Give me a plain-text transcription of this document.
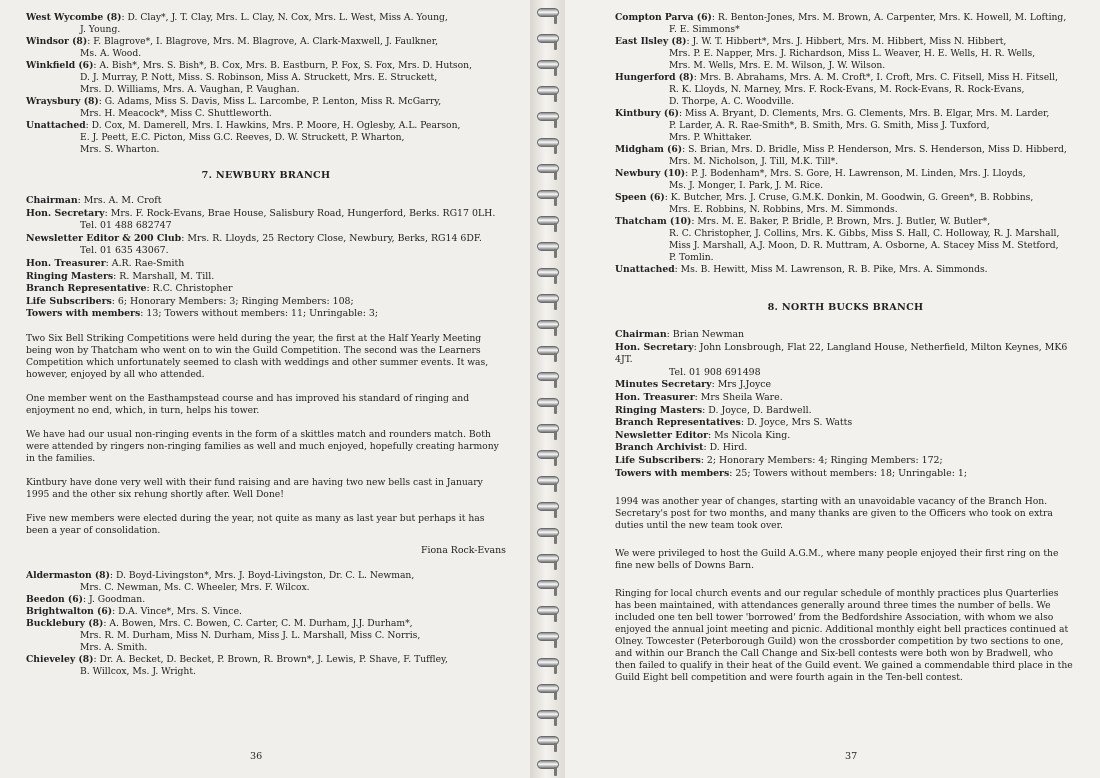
West Wycombe (8): D. Clay*, J. T. Clay, Mrs. L. Clay, N. Cox, Mrs. L. West, Miss A. Young,
J. Young.

Windsor (8): F. Blagrove*, I. Blagrove, Mrs. M. Blagrove, A. Clark-Maxwell, J. Faulkner,
Ms. A. Wood.

Winkfield (6): A. Bish*, Mrs. S. Bish*, B. Cox, Mrs. B. Eastburn, P. Fox, S. Fox, Mrs. D. Hutson,
D. J. Murray, P. Nott, Miss. S. Robinson, Miss A. Struckett, Mrs. E. Struckett,
Mrs. D. Williams, Mrs. A. Vaughan, P. Vaughan.

Wraysbury (8): G. Adams, Miss S. Davis, Miss L. Larcombe, P. Lenton, Miss R. McGarry,
Mrs. H. Meacock*, Miss C. Shuttleworth.

Unattached: D. Cox, M. Damerell, Mrs. I. Hawkins, Mrs. P. Moore, H. Oglesby, A.L. Pearson,
E. J. Peett, E.C. Picton, Miss G.C. Reeves, D. W. Struckett, P. Wharton,
Mrs. S. Wharton.

7. NEWBURY BRANCH

Chairman: Mrs. A. M. Croft

Hon. Secretary: Mrs. F. Rock-Evans, Brae House, Salisbury Road, Hungerford, Berks. RG17 0LH.
Tel. 01 488 682747

Newsletter Editor & 200 Club: Mrs. R. Lloyds, 25 Rectory Close, Newbury, Berks, RG14 6DF.
Tel. 01 635 43067.

Hon. Treasurer: A.R. Rae-Smith

Ringing Masters: R. Marshall, M. Till.

Branch Representative: R.C. Christopher

Life Subscribers: 6; Honorary Members: 3; Ringing Members: 108;

Towers with members: 13; Towers without members: 11; Unringable: 3;

Two Six Bell Striking Competitions were held during the year, the first at the Half Yearly Meeting being won by Thatcham who went on to win the Guild Competition. The second was the Learners Competition which unfortunately seemed to clash with weddings and other summer events. It was, however, enjoyed by all who attended.

One member went on the Easthampstead course and has improved his standard of ringing and enjoyment no end, which, in turn, helps his tower.

We have had our usual non-ringing events in the form of a skittles match and rounders match. Both were attended by ringers non-ringing families as well and much enjoyed, hopefully creating harmony in the families.

Kintbury have done very well with their fund raising and are having two new bells cast in January 1995 and the other six rehung shortly after. Well Done!

Five new members were elected during the year, not quite as many as last year but perhaps it has been a year of consolidation.

Fiona Rock-Evans

Aldermaston (8): D. Boyd-Livingston*, Mrs. J. Boyd-Livingston, Dr. C. L. Newman,
Mrs. C. Newman, Ms. C. Wheeler, Mrs. F. Wilcox.

Beedon (6): J. Goodman.

Brightwalton (6): D.A. Vince*, Mrs. S. Vince.

Bucklebury (8): A. Bowen, Mrs. C. Bowen, C. Carter, C. M. Durham, J.J. Durham*,
Mrs. R. M. Durham, Miss N. Durham, Miss J. L. Marshall, Miss C. Norris,
Mrs. A. Smith.

Chieveley (8): Dr. A. Becket, D. Becket, P. Brown, R. Brown*, J. Lewis, P. Shave, F. Tuffley,
B. Willcox, Ms. J. Wright.

36

Compton Parva (6): R. Benton-Jones, Mrs. M. Brown, A. Carpenter, Mrs. K. Howell, M. Lofting,
F. E. Simmons*

East Ilsley (8): J. W. T. Hibbert*, Mrs. J. Hibbert, Mrs. M. Hibbert, Miss N. Hibbert,
Mrs. P. E. Napper, Mrs. J. Richardson, Miss L. Weaver, H. E. Wells, H. R. Wells,
Mrs. M. Wells, Mrs. E. M. Wilson, J. W. Wilson.

Hungerford (8): Mrs. B. Abrahams, Mrs. A. M. Croft*, I. Croft, Mrs. C. Fitsell, Miss H. Fitsell,
R. K. Lloyds, N. Marney, Mrs. F. Rock-Evans, M. Rock-Evans, R. Rock-Evans,
D. Thorpe, A. C. Woodville.

Kintbury (6): Miss A. Bryant, D. Clements, Mrs. G. Clements, Mrs. B. Elgar, Mrs. M. Larder,
P. Larder, A. R. Rae-Smith*, B. Smith, Mrs. G. Smith, Miss J. Tuxford,
Mrs. P. Whittaker.

Midgham (6): S. Brian, Mrs. D. Bridle, Miss P. Henderson, Mrs. S. Henderson, Miss D. Hibberd,
Mrs. M. Nicholson, J. Till, M.K. Till*.

Newbury (10): P. J. Bodenham*, Mrs. S. Gore, H. Lawrenson, M. Linden, Mrs. J. Lloyds,
Ms. J. Monger, I. Park, J. M. Rice.

Speen (6): K. Butcher, Mrs. J. Cruse, G.M.K. Donkin, M. Goodwin, G. Green*, B. Robbins,
Mrs. E. Robbins, N. Robbins, Mrs. M. Simmonds.

Thatcham (10): Mrs. M. E. Baker, P. Bridle, P. Brown, Mrs. J. Butler, W. Butler*,
R. C. Christopher, J. Collins, Mrs. K. Gibbs, Miss S. Hall, C. Holloway, R. J. Marshall,
Miss J. Marshall, A.J. Moon, D. R. Muttram, A. Osborne, A. Stacey Miss M. Stetford,
P. Tomlin.

Unattached: Ms. B. Hewitt, Miss M. Lawrenson, R. B. Pike, Mrs. A. Simmonds.

8. NORTH BUCKS BRANCH

Chairman: Brian Newman

Hon. Secretary: John Lonsbrough, Flat 22, Langland House, Netherfield, Milton Keynes, MK6 4JT.
Tel. 01 908 691498

Minutes Secretary: Mrs J.Joyce

Hon. Treasurer: Mrs Sheila Ware.

Ringing Masters: D. Joyce, D. Bardwell.

Branch Representatives: D. Joyce, Mrs S. Watts

Newsletter Editor: Ms Nicola King.

Branch Archivist: D. Hird.

Life Subscribers: 2; Honorary Members: 4; Ringing Members: 172;

Towers with members: 25; Towers without members: 18; Unringable: 1;

1994 was another year of changes, starting with an unavoidable vacancy of the Branch Hon. Secretary's post for two months, and many thanks are given to the Officers who took on extra duties until the new team took over.

We were privileged to host the Guild A.G.M., where many people enjoyed their first ring on the fine new bells of Downs Barn.

Ringing for local church events and our regular schedule of monthly practices plus Quarterlies has been maintained, with attendances generally around three times the number of bells. We included one ten bell tower 'borrowed' from the Bedfordshire Association, with whom we also enjoyed the annual joint meeting and picnic. Additional monthly eight bell practices continued at Olney. Towcester (Peterborough Guild) won the crossborder competition by two sections to one, and within our Branch the Call Change and Six-bell contests were both won by Bradwell, who then failed to qualify in their heat of the Guild event. We gained a commendable third place in the Guild Eight bell competition and were fourth again in the Ten-bell contest.

37
